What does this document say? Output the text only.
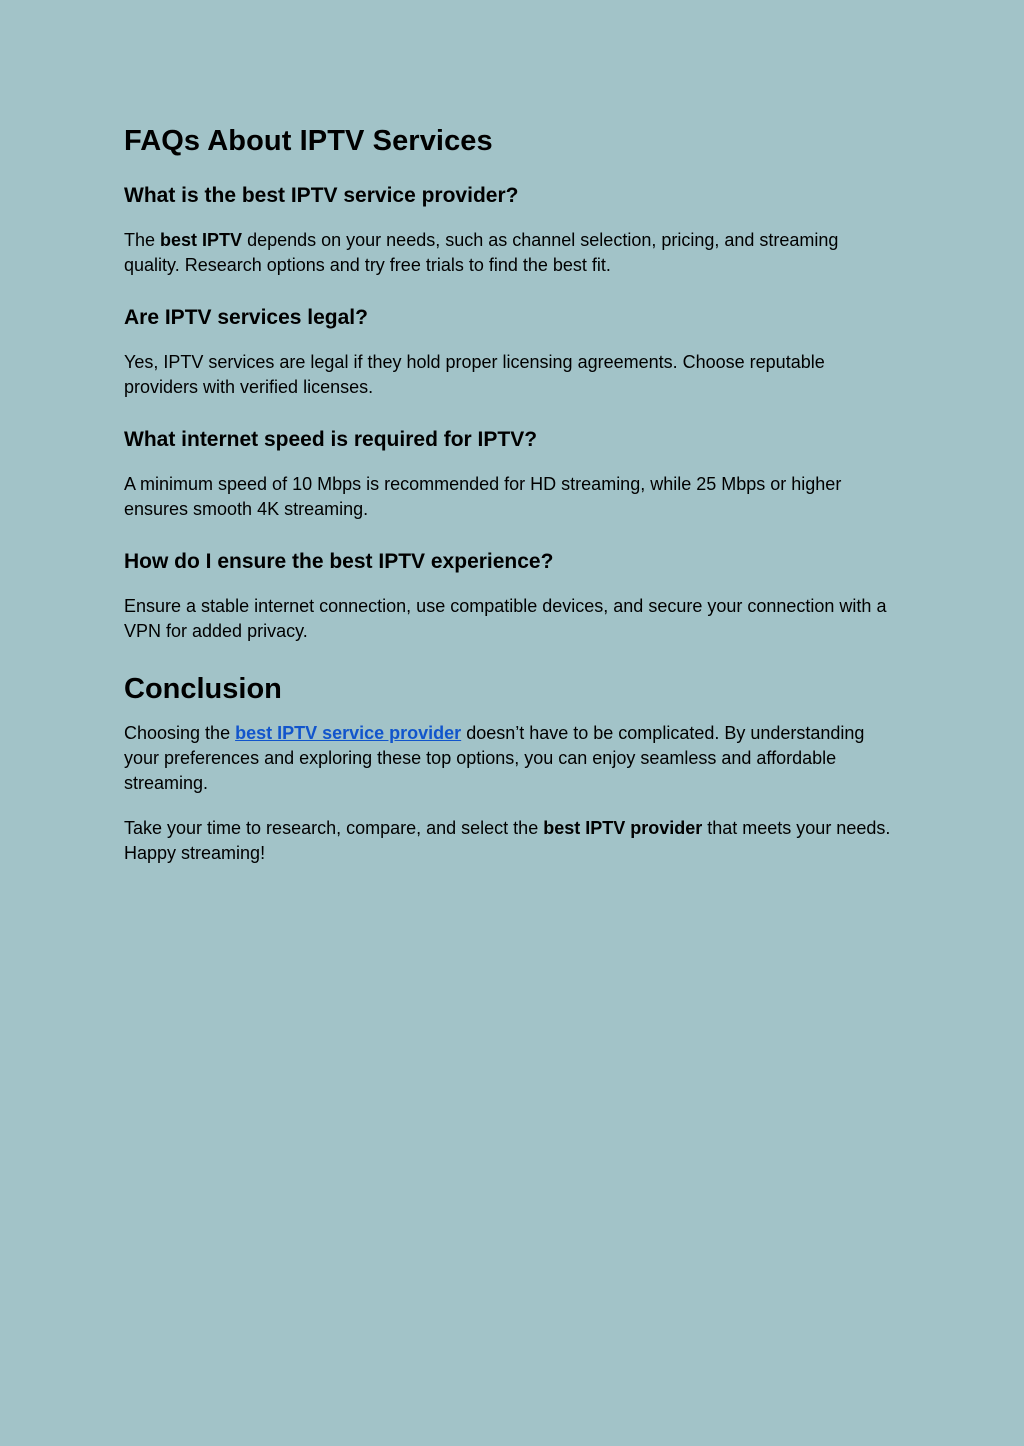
FAQs About IPTV Services
What is the best IPTV service provider?

The best IPTV depends on your needs, such as channel selection, pricing, and streaming quality. Research options and try free trials to find the best fit.

Are IPTV services legal?

Yes, IPTV services are legal if they hold proper licensing agreements. Choose reputable providers with verified licenses.

What internet speed is required for IPTV?

A minimum speed of 10 Mbps is recommended for HD streaming, while 25 Mbps or higher ensures smooth 4K streaming.

How do I ensure the best IPTV experience?

Ensure a stable internet connection, use compatible devices, and secure your connection with a VPN for added privacy.

Conclusion

Choosing the best IPTV service provider doesn’t have to be complicated. By understanding your preferences and exploring these top options, you can enjoy seamless and affordable streaming.

Take your time to research, compare, and select the best IPTV provider that meets your needs. Happy streaming!
